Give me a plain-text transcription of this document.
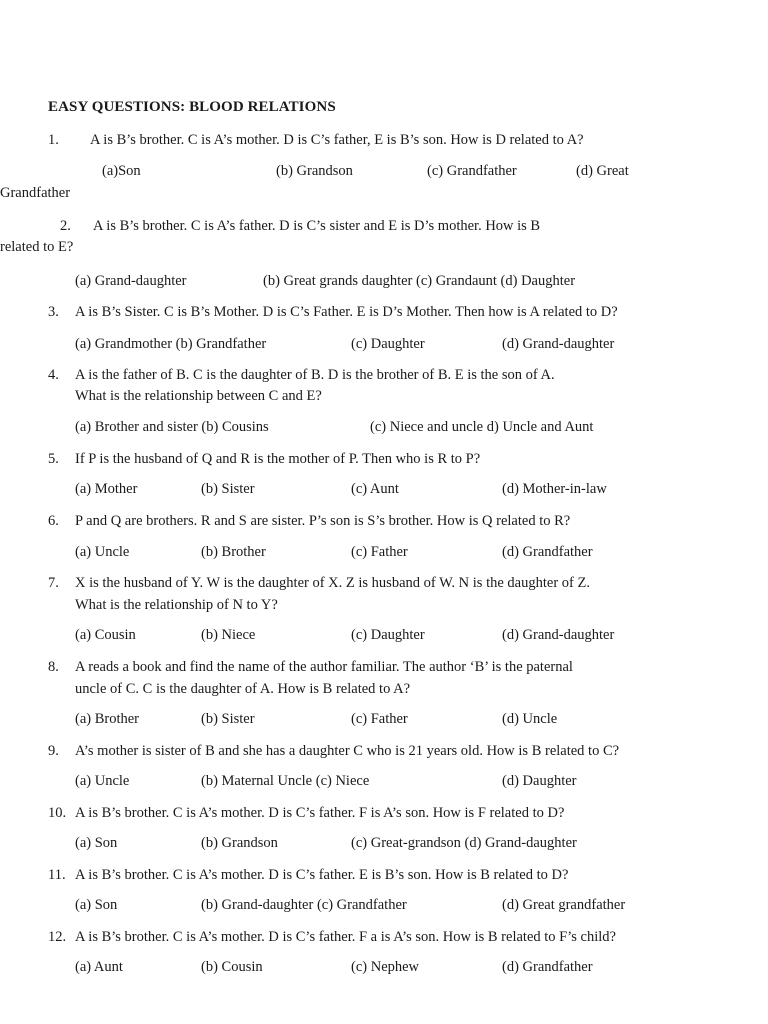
EASY QUESTIONS: BLOOD RELATIONS
1. A is B’s brother. C is A’s mother. D is C’s father, E is B’s son. How is D related to A?
(a)Son	(b) Grandson	(c) Grandfather	(d) Great
Grandfather
2. A is B’s brother. C is A’s father. D is C’s sister and E is D’s mother. How is B
related to E?
(a) Grand-daughter	(b) Great grands daughter (c) Grandaunt (d) Daughter
3. A is B’s Sister. C is B’s Mother. D is C’s Father. E is D’s Mother. Then how is A related to D?
(a) Grandmother (b) Grandfather	(c) Daughter	(d) Grand-daughter
4. A is the father of B. C is the daughter of B. D is the brother of B. E is the son of A.
What is the relationship between C and E?
(a) Brother and sister (b) Cousins	(c) Niece and uncle d) Uncle and Aunt
5. If P is the husband of Q and R is the mother of P. Then who is R to P?
(a) Mother	(b) Sister	(c) Aunt	(d) Mother-in-law
6. P and Q are brothers. R and S are sister. P’s son is S’s brother. How is Q related to R?
(a) Uncle	(b) Brother	(c) Father	(d) Grandfather
7. X is the husband of Y. W is the daughter of X. Z is husband of W. N is the daughter of Z.
What is the relationship of N to Y?
(a) Cousin	(b) Niece	(c) Daughter	(d) Grand-daughter
8. A reads a book and find the name of the author familiar. The author ‘B’ is the paternal
uncle of C. C is the daughter of A. How is B related to A?
(a) Brother	(b) Sister	(c) Father	(d) Uncle
9. A’s mother is sister of B and she has a daughter C who is 21 years old. How is B related to C?
(a) Uncle	(b) Maternal Uncle (c) Niece	(d) Daughter
10. A is B’s brother. C is A’s mother. D is C’s father. F is A’s son. How is F related to D?
(a) Son	(b) Grandson	(c) Great-grandson (d) Grand-daughter
11. A is B’s brother. C is A’s mother. D is C’s father. E is B’s son. How is B related to D?
(a) Son	(b) Grand-daughter (c) Grandfather	(d) Great grandfather
12. A is B’s brother. C is A’s mother. D is C’s father. F a is A’s son. How is B related to F’s child?
(a) Aunt	(b) Cousin	(c) Nephew	(d) Grandfather
